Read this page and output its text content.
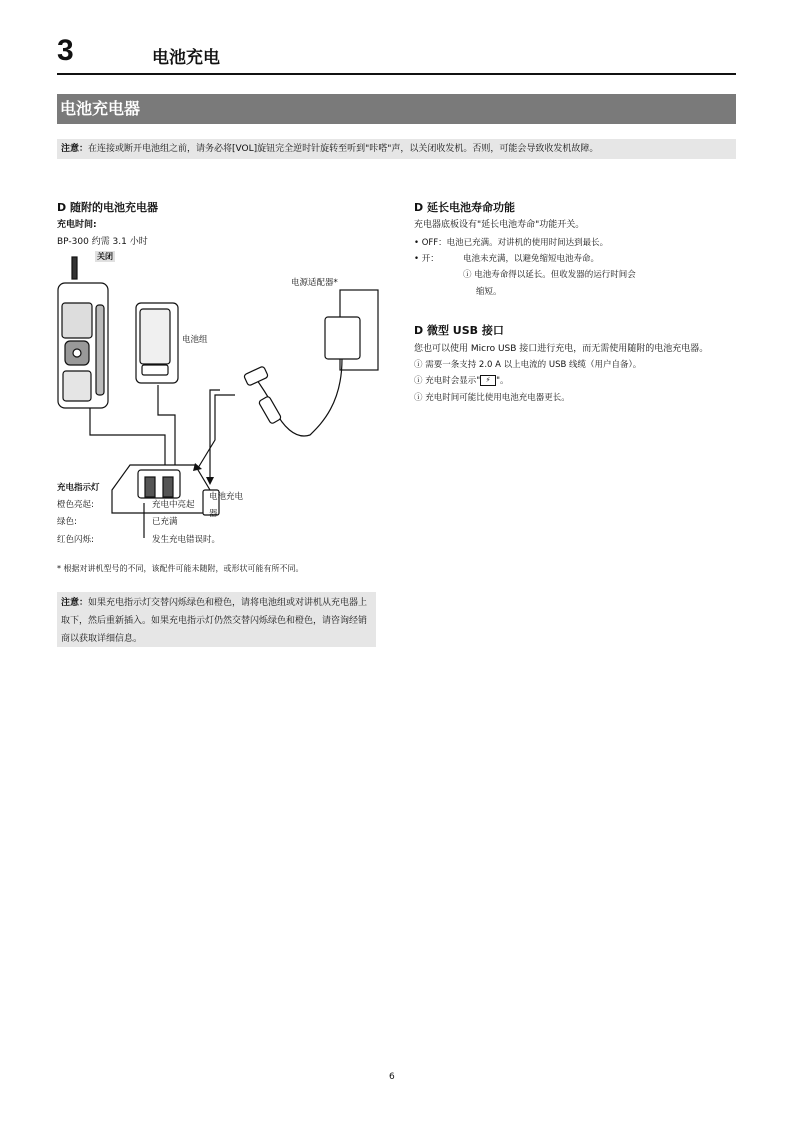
3	电池充电
电池充电器
注意：在连接或断开电池组之前，请务必将[VOL]旋钮完全逆时针旋转至听到"咔嗒"声，以关闭收发机。否则，可能会导致收发机故障。
D 随附的电池充电器
充电时间:
BP-300 约需 3.1 小时
关闭
电源适配器*
电池组
电池充电
器
充电指示灯
橙色亮起:
绿色:
红色闪烁:
充电中亮起
已充满
发生充电错误时。
* 根据对讲机型号的不同，该配件可能未随附，或形状可能有所不同。
注意：如果充电指示灯交替闪烁绿色和橙色，请将电池组或对讲机从充电器上取下，然后重新插入。如果充电指示灯仍然交替闪烁绿色和橙色，请咨询经销商以获取详细信息。
D 延长电池寿命功能
充电器底板设有"延长电池寿命"功能开关。
• OFF：电池已充满。对讲机的使用时间达到最长。
• 开：	电池未充满，以避免缩短电池寿命。
ⓘ 电池寿命得以延长。但收发器的运行时间会
缩短。
D 微型 USB 接口
您也可以使用 Micro USB 接口进行充电，而无需使用随附的电池充电器。
ⓘ 需要一条支持 2.0 A 以上电流的 USB 线缆（用户自备）。
ⓘ 充电时会显示" ⚡ "。
ⓘ 充电时间可能比使用电池充电器更长。
6
